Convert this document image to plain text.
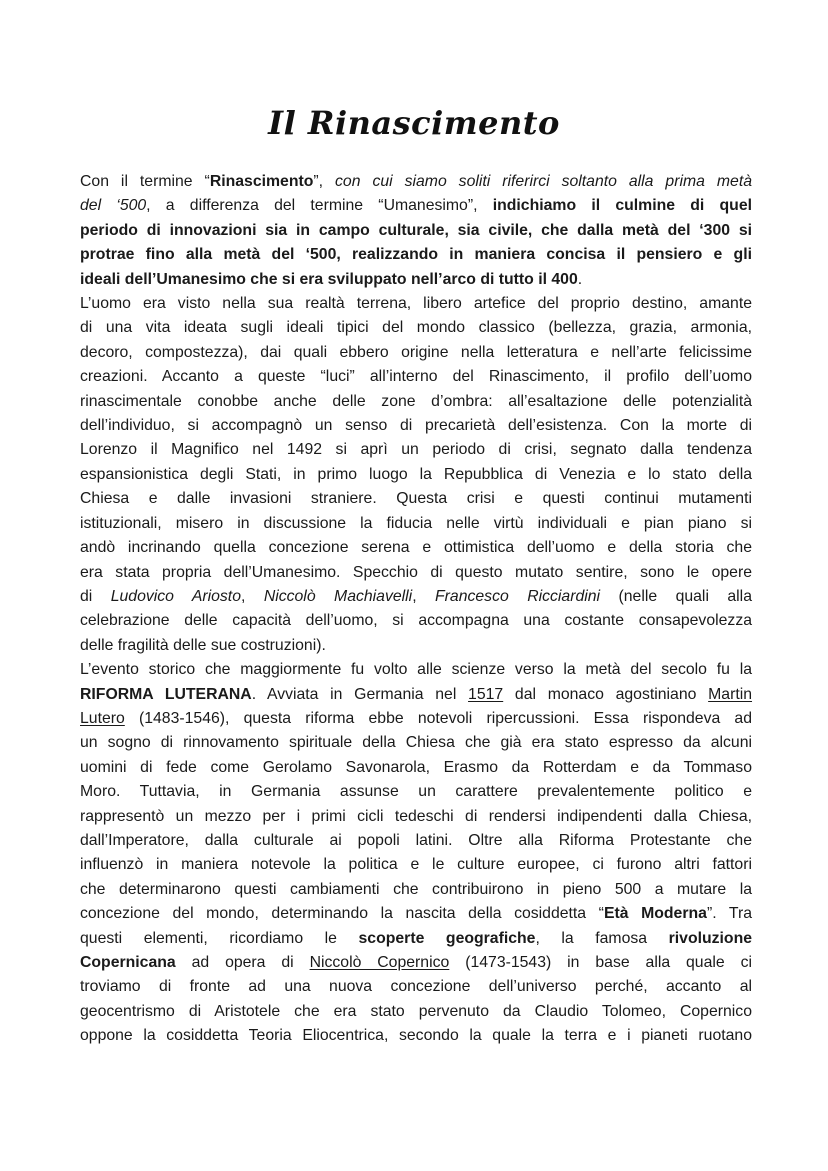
Il Rinascimento

Con il termine “Rinascimento”, con cui siamo soliti riferirci soltanto alla prima metà
del ‘500, a differenza del termine “Umanesimo”, indichiamo il culmine di quel
periodo di innovazioni sia in campo culturale, sia civile, che dalla metà del ‘300 si
protrae fino alla metà del ‘500, realizzando in maniera concisa il pensiero e gli
ideali dell’Umanesimo che si era sviluppato nell’arco di tutto il 400.

L’uomo era visto nella sua realtà terrena, libero artefice del proprio destino, amante
di una vita ideata sugli ideali tipici del mondo classico (bellezza, grazia, armonia,
decoro, compostezza), dai quali ebbero origine nella letteratura e nell’arte felicissime
creazioni. Accanto a queste “luci” all’interno del Rinascimento, il profilo dell’uomo
rinascimentale conobbe anche delle zone d’ombra: all’esaltazione delle potenzialità
dell’individuo, si accompagnò un senso di precarietà dell’esistenza. Con la morte di
Lorenzo il Magnifico nel 1492 si aprì un periodo di crisi, segnato dalla tendenza
espansionistica degli Stati, in primo luogo la Repubblica di Venezia e lo stato della
Chiesa e dalle invasioni straniere. Questa crisi e questi continui mutamenti
istituzionali, misero in discussione la fiducia nelle virtù individuali e pian piano si
andò incrinando quella concezione serena e ottimistica dell’uomo e della storia che
era stata propria dell’Umanesimo. Specchio di questo mutato sentire, sono le opere
di Ludovico Ariosto, Niccolò Machiavelli, Francesco Ricciardini (nelle quali alla
celebrazione delle capacità dell’uomo, si accompagna una costante consapevolezza
delle fragilità delle sue costruzioni).

L’evento storico che maggiormente fu volto alle scienze verso la metà del secolo fu la
RIFORMA LUTERANA. Avviata in Germania nel 1517 dal monaco agostiniano Martin
Lutero (1483-1546), questa riforma ebbe notevoli ripercussioni. Essa rispondeva ad
un sogno di rinnovamento spirituale della Chiesa che già era stato espresso da alcuni
uomini di fede come Gerolamo Savonarola, Erasmo da Rotterdam e da Tommaso
Moro. Tuttavia, in Germania assunse un carattere prevalentemente politico e
rappresentò un mezzo per i primi cicli tedeschi di rendersi indipendenti dalla Chiesa,
dall’Imperatore, dalla culturale ai popoli latini. Oltre alla Riforma Protestante che
influenzò in maniera notevole la politica e le culture europee, ci furono altri fattori
che determinarono questi cambiamenti che contribuirono in pieno 500 a mutare la
concezione del mondo, determinando la nascita della cosiddetta “Età Moderna”. Tra
questi elementi, ricordiamo le scoperte geografiche, la famosa rivoluzione
Copernicana ad opera di Niccolò Copernico (1473-1543) in base alla quale ci
troviamo di fronte ad una nuova concezione dell’universo perché, accanto al
geocentrismo di Aristotele che era stato pervenuto da Claudio Tolomeo, Copernico
oppone la cosiddetta Teoria Eliocentrica, secondo la quale la terra e i pianeti ruotano
